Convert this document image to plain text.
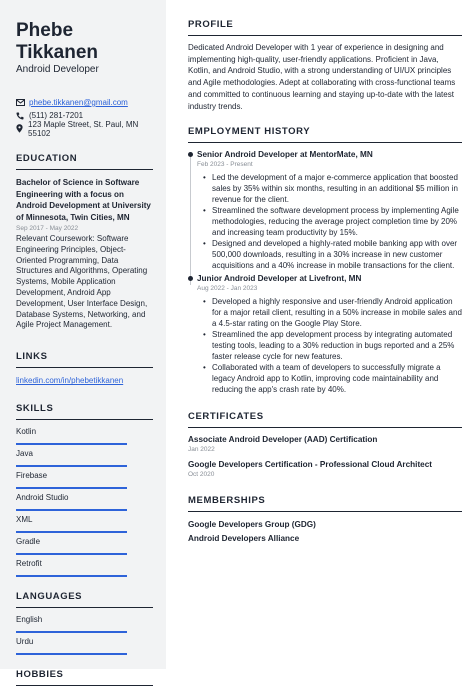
Phebe Tikkanen
Android Developer
phebe.tikkanen@gmail.com
(511) 281-7201
123 Maple Street, St. Paul, MN 55102
EDUCATION
Bachelor of Science in Software Engineering with a focus on Android Development at University of Minnesota, Twin Cities, MN
Sep 2017 - May 2022
Relevant Coursework: Software Engineering Principles, Object-Oriented Programming, Data Structures and Algorithms, Operating Systems, Mobile Application Development, Android App Development, User Interface Design, Database Systems, Networking, and Agile Project Management.
LINKS
linkedin.com/in/phebetikkanen
SKILLS
Kotlin
Java
Firebase
Android Studio
XML
Gradle
Retrofit
LANGUAGES
English
Urdu
HOBBIES
PROFILE

Dedicated Android Developer with 1 year of experience in designing and implementing high-quality, user-friendly applications. Proficient in Java, Kotlin, and Android Studio, with a strong understanding of UI/UX principles and Agile methodologies. Adept at collaborating with cross-functional teams and committed to continuous learning and staying up-to-date with the latest industry trends.

EMPLOYMENT HISTORY
Senior Android Developer at MentorMate, MN
Feb 2023 - Present
• Led the development of a major e-commerce application that boosted sales by 35% within six months, resulting in an additional $5 million in revenue for the client.
• Streamlined the software development process by implementing Agile methodologies, reducing the average project completion time by 20% and increasing team productivity by 15%.
• Designed and developed a highly-rated mobile banking app with over 500,000 downloads, resulting in a 30% increase in new customer acquisitions and a 40% increase in mobile transactions for the client.
Junior Android Developer at Livefront, MN
Aug 2022 - Jan 2023
• Developed a highly responsive and user-friendly Android application for a major retail client, resulting in a 50% increase in mobile sales and a 4.5-star rating on the Google Play Store.
• Streamlined the app development process by integrating automated testing tools, leading to a 30% reduction in bugs reported and a 25% faster release cycle for new features.
• Collaborated with a team of developers to successfully migrate a legacy Android app to Kotlin, improving code maintainability and reducing the app's crash rate by 40%.
CERTIFICATES
Associate Android Developer (AAD) Certification
Jan 2022
Google Developers Certification - Professional Cloud Architect
Oct 2020
MEMBERSHIPS
Google Developers Group (GDG)
Android Developers Alliance
